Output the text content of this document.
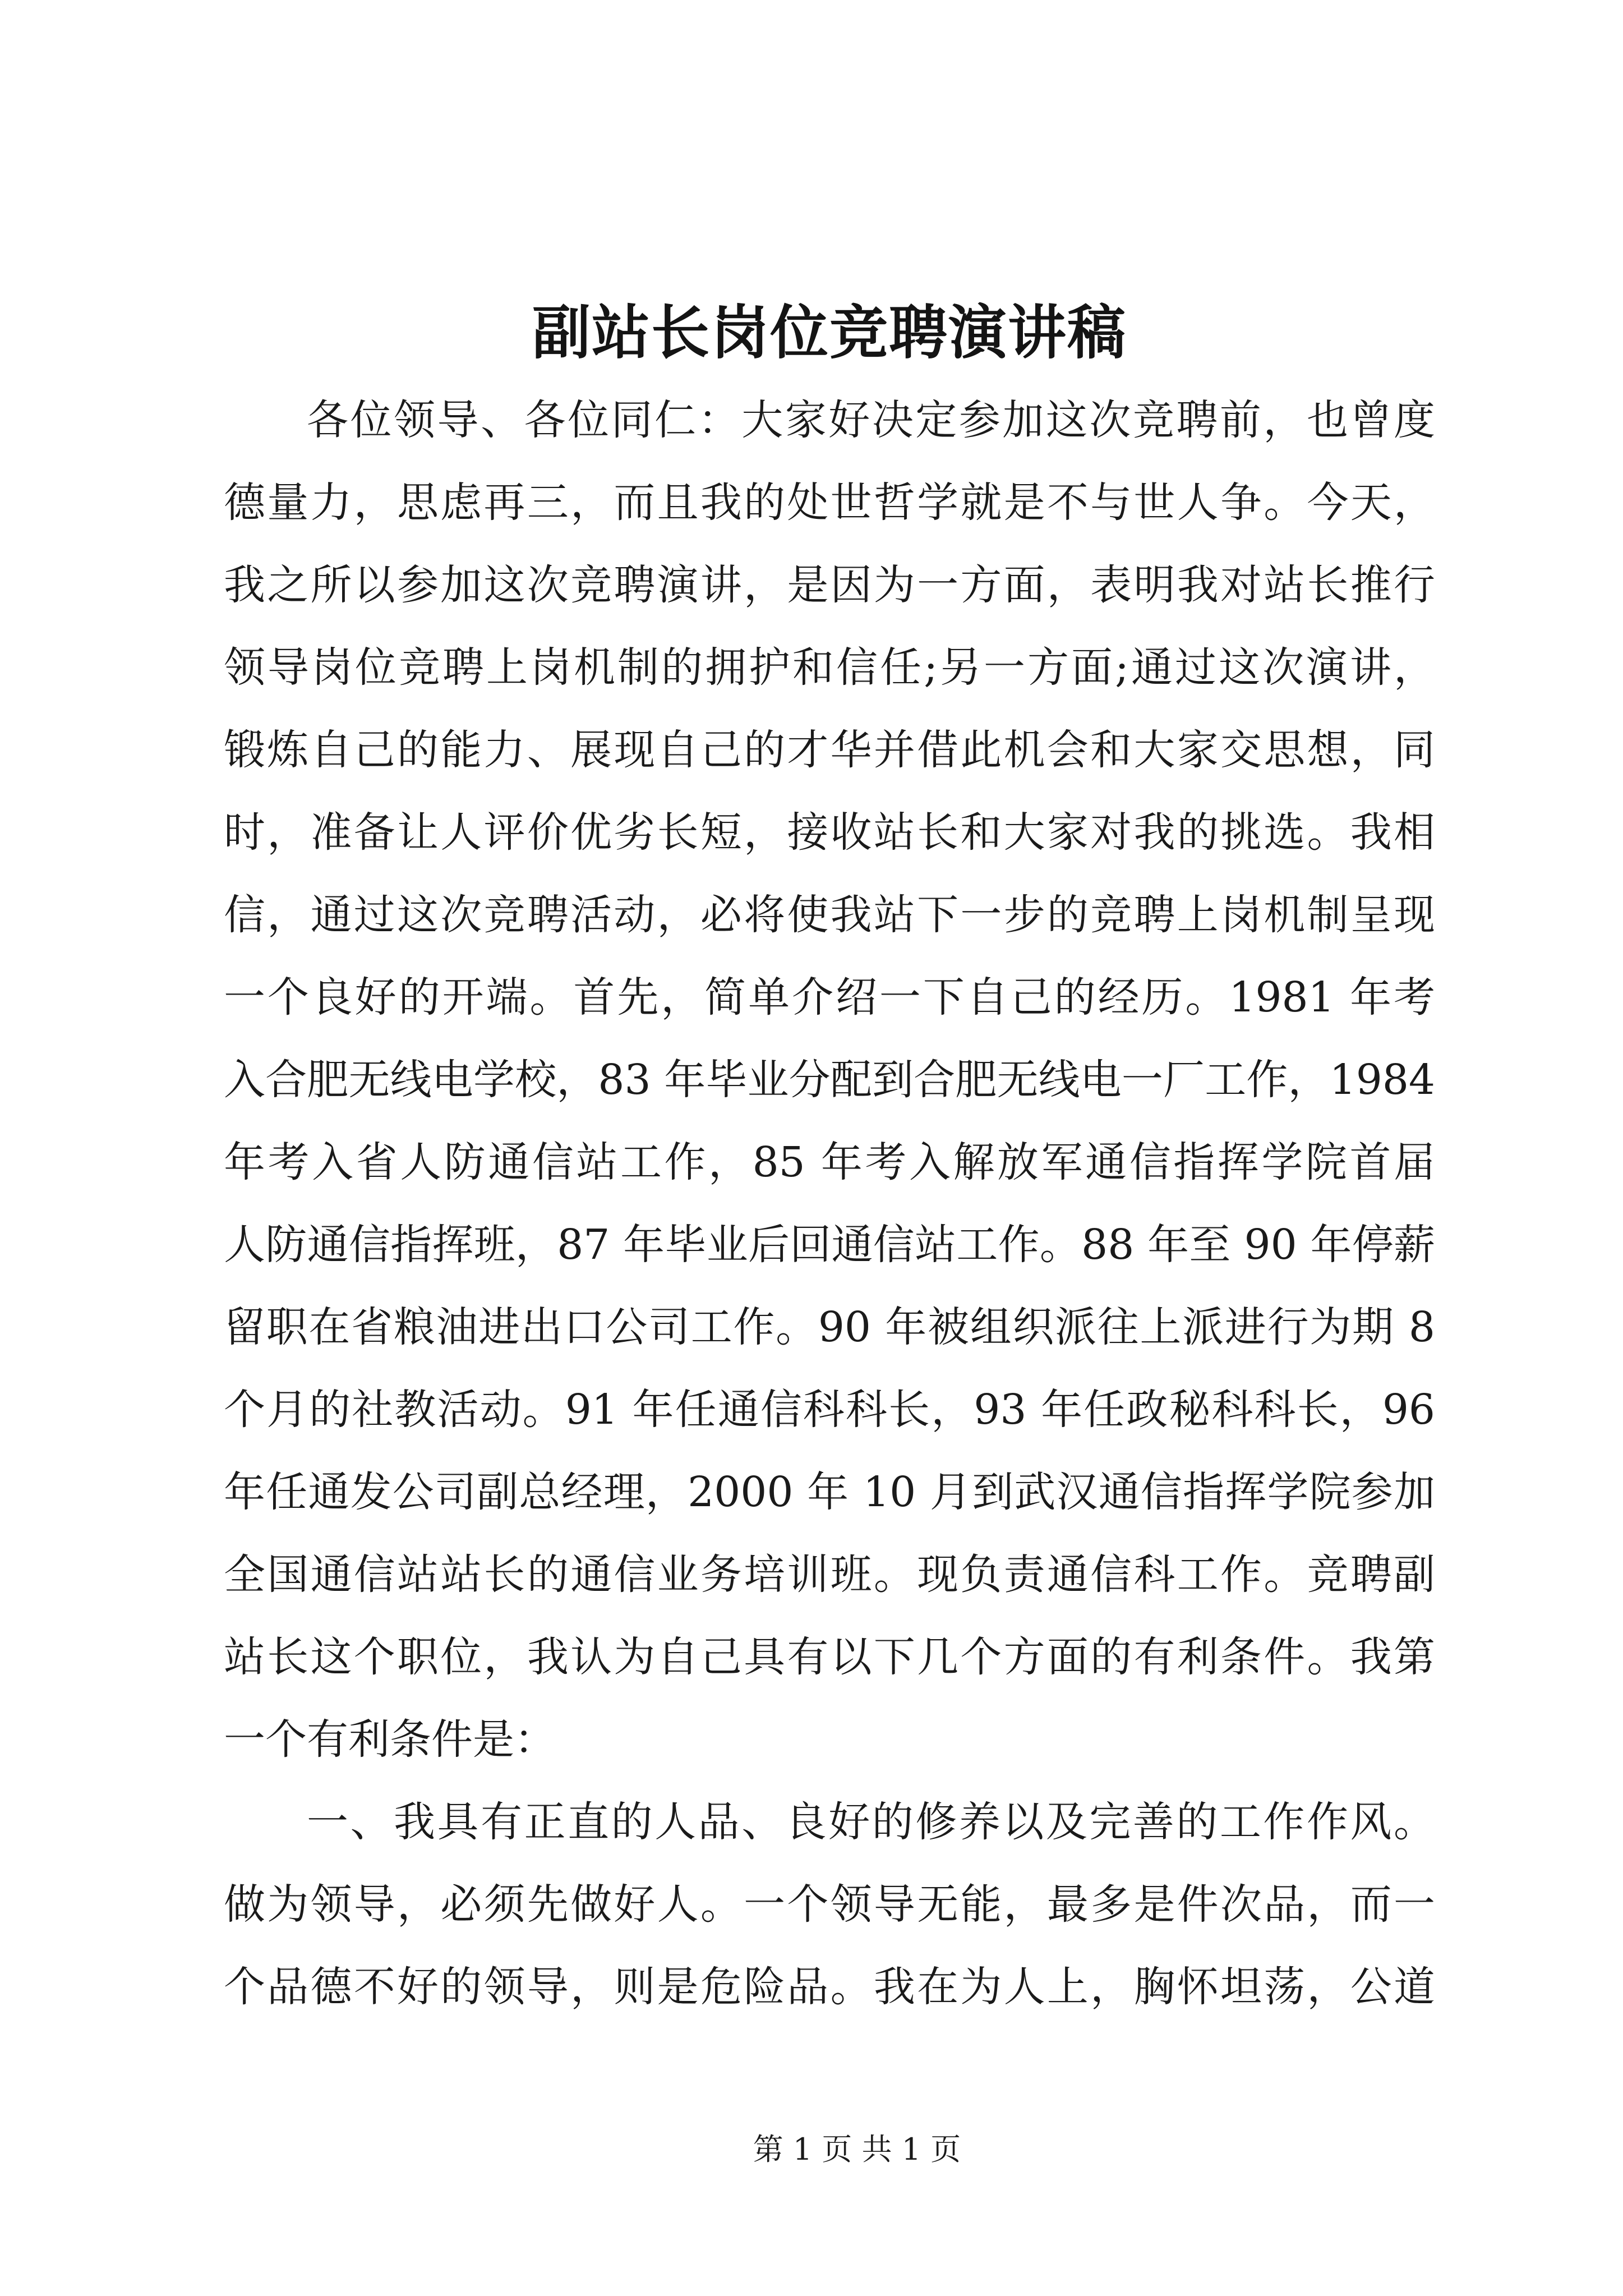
副站长岗位竞聘演讲稿
各位领导、各位同仁：大家好决定参加这次竞聘前，也曾度
德量力，思虑再三，而且我的处世哲学就是不与世人争。今天，
我之所以参加这次竞聘演讲，是因为一方面，表明我对站长推行
领导岗位竞聘上岗机制的拥护和信任;另一方面;通过这次演讲，
锻炼自己的能力、展现自己的才华并借此机会和大家交思想，同
时，准备让人评价优劣长短，接收站长和大家对我的挑选。我相
信，通过这次竞聘活动，必将使我站下一步的竞聘上岗机制呈现
一个良好的开端。首先，简单介绍一下自己的经历。1981 年考
入合肥无线电学校，83 年毕业分配到合肥无线电一厂工作，1984
年考入省人防通信站工作，85 年考入解放军通信指挥学院首届
人防通信指挥班，87 年毕业后回通信站工作。88 年至 90 年停薪
留职在省粮油进出口公司工作。90 年被组织派往上派进行为期 8
个月的社教活动。91 年任通信科科长，93 年任政秘科科长，96
年任通发公司副总经理，2000 年 10 月到武汉通信指挥学院参加
全国通信站站长的通信业务培训班。现负责通信科工作。竞聘副
站长这个职位，我认为自己具有以下几个方面的有利条件。我第
一个有利条件是：
一、我具有正直的人品、良好的修养以及完善的工作作风。
做为领导，必须先做好人。一个领导无能，最多是件次品，而一
个品德不好的领导，则是危险品。我在为人上，胸怀坦荡，公道
第 1 页 共 1 页
